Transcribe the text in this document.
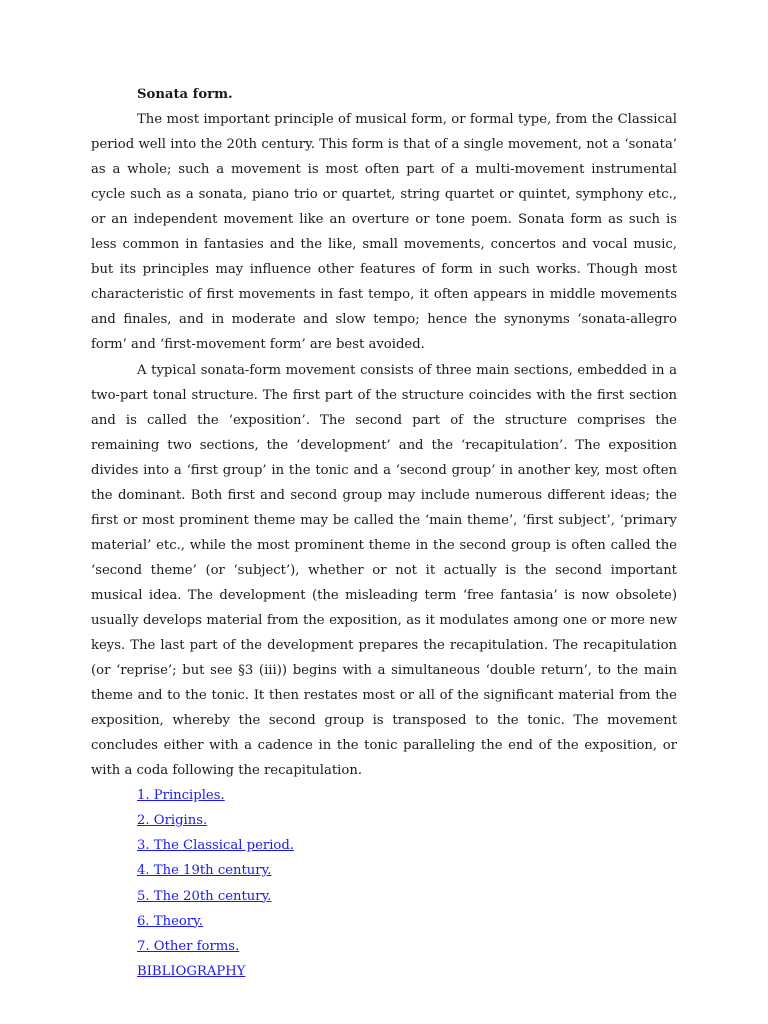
Sonata form.

The most important principle of musical form, or formal type, from the Classical period well into the 20th century. This form is that of a single movement, not a ‘sonata’ as a whole; such a movement is most often part of a multi-movement instrumental cycle such as a sonata, piano trio or quartet, string quartet or quintet, symphony etc., or an independent movement like an overture or tone poem. Sonata form as such is less common in fantasies and the like, small movements, concertos and vocal music, but its principles may influence other features of form in such works. Though most characteristic of first movements in fast tempo, it often appears in middle movements and finales, and in moderate and slow tempo; hence the synonyms ‘sonata-allegro form’ and ‘first-movement form’ are best avoided.

A typical sonata-form movement consists of three main sections, embedded in a two-part tonal structure. The first part of the structure coincides with the first section and is called the ‘exposition’. The second part of the structure comprises the remaining two sections, the ‘development’ and the ‘recapitulation’. The exposition divides into a ‘first group’ in the tonic and a ‘second group’ in another key, most often the dominant. Both first and second group may include numerous different ideas; the first or most prominent theme may be called the ‘main theme’, ‘first subject’, ‘primary material’ etc., while the most prominent theme in the second group is often called the ‘second theme’ (or ‘subject’), whether or not it actually is the second important musical idea. The development (the misleading term ‘free fantasia’ is now obsolete) usually develops material from the exposition, as it modulates among one or more new keys. The last part of the development prepares the recapitulation. The recapitulation (or ‘reprise’; but see §3 (iii)) begins with a simultaneous ‘double return’, to the main theme and to the tonic. It then restates most or all of the significant material from the exposition, whereby the second group is transposed to the tonic. The movement concludes either with a cadence in the tonic paralleling the end of the exposition, or with a coda following the recapitulation.

1. Principles.
2. Origins.
3. The Classical period.
4. The 19th century.
5. The 20th century.
6. Theory.
7. Other forms.
BIBLIOGRAPHY
